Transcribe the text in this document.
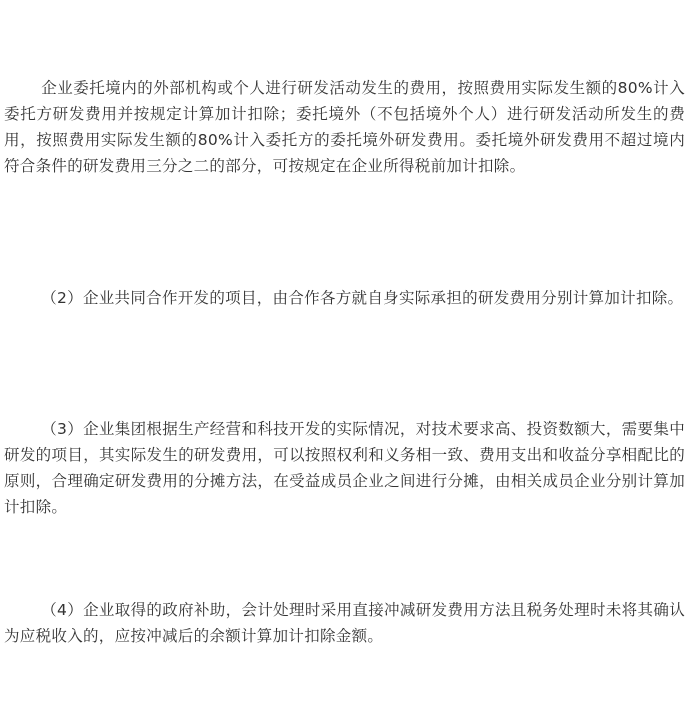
企业委托境内的外部机构或个人进行研发活动发生的费用，按照费用实际发生额的80%计入委托方研发费用并按规定计算加计扣除；委托境外（不包括境外个人）进行研发活动所发生的费用，按照费用实际发生额的80%计入委托方的委托境外研发费用。委托境外研发费用不超过境内符合条件的研发费用三分之二的部分，可按规定在企业所得税前加计扣除。

（2）企业共同合作开发的项目，由合作各方就自身实际承担的研发费用分别计算加计扣除。

（3）企业集团根据生产经营和科技开发的实际情况，对技术要求高、投资数额大，需要集中研发的项目，其实际发生的研发费用，可以按照权利和义务相一致、费用支出和收益分享相配比的原则，合理确定研发费用的分摊方法，在受益成员企业之间进行分摊，由相关成员企业分别计算加计扣除。

（4）企业取得的政府补助，会计处理时采用直接冲减研发费用方法且税务处理时未将其确认为应税收入的，应按冲减后的余额计算加计扣除金额。
